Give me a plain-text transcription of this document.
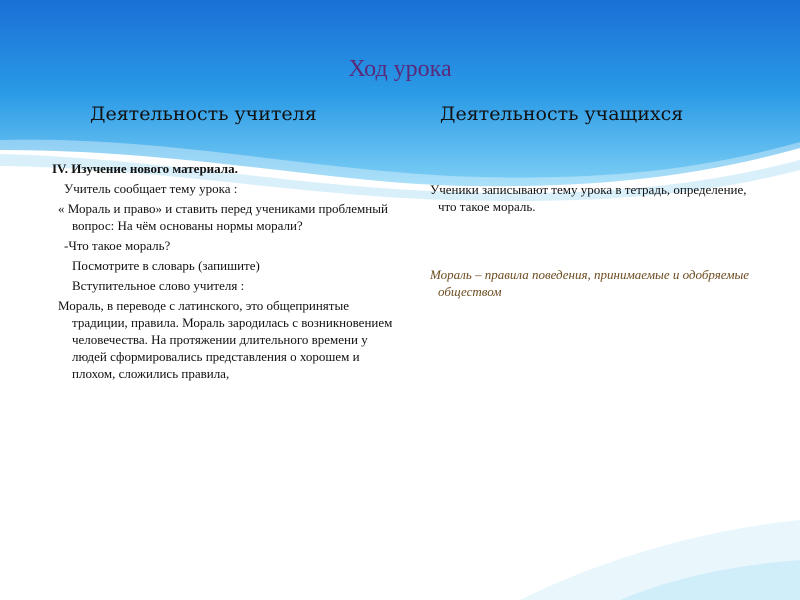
Ход урока
Деятельность учителя	Деятельность учащихся

IV. Изучение нового материала.

Учитель сообщает тему урока :

« Мораль и право» и ставить перед учениками проблемный вопрос: На чём основаны нормы морали?

-Что такое мораль?

Посмотрите в словарь (запишите)

Вступительное слово учителя :

Мораль, в переводе с латинского, это общепринятые традиции, правила. Мораль зародилась с возникновением человечества. На протяжении длительного времени у людей сформировались представления о хорошем и плохом, сложились правила,

Ученики записывают тему урока в тетрадь, определение, что такое мораль.

Мораль – правила поведения, принимаемые и одобряемые обществом
